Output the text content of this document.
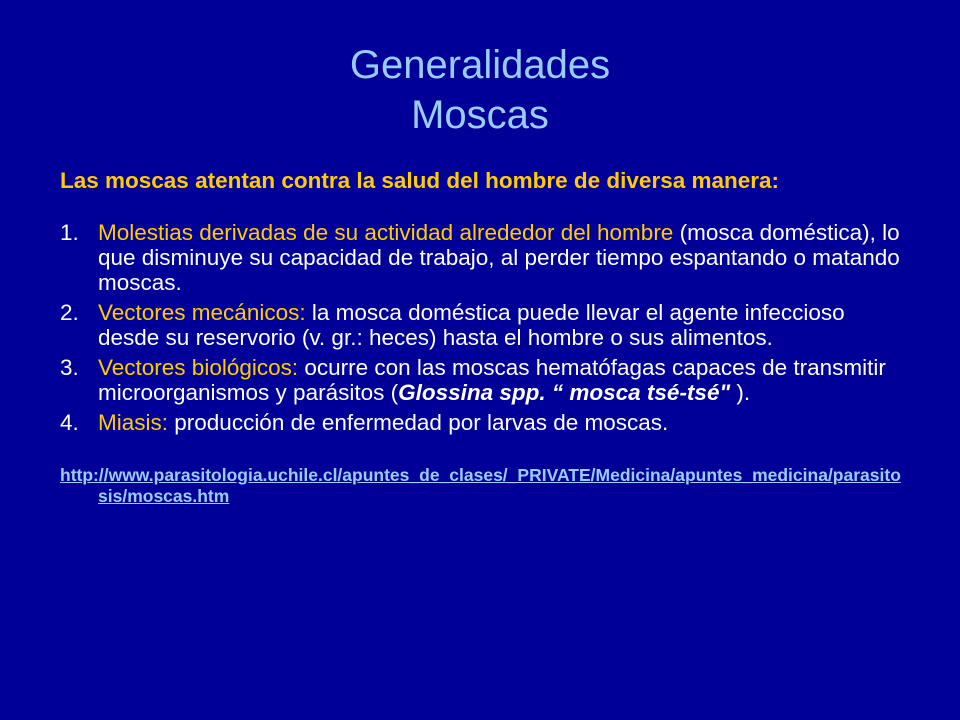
Generalidades
Moscas

Las moscas atentan contra la salud del hombre de diversa manera:

1. Molestias derivadas de su actividad alrededor del hombre (mosca doméstica), lo que disminuye su capacidad de trabajo, al perder tiempo espantando o matando moscas.
2. Vectores mecánicos: la mosca doméstica puede llevar el agente infeccioso desde su reservorio (v. gr.: heces) hasta el hombre o sus alimentos.
3. Vectores biológicos: ocurre con las moscas hematófagas capaces de transmitir microorganismos y parásitos (Glossina spp. “ mosca tsé-tsé" ).
4. Miasis: producción de enfermedad por larvas de moscas.
http://www.parasitologia.uchile.cl/apuntes_de_clases/_PRIVATE/Medicina/apuntes_medicina/parasitosis/moscas.htm
